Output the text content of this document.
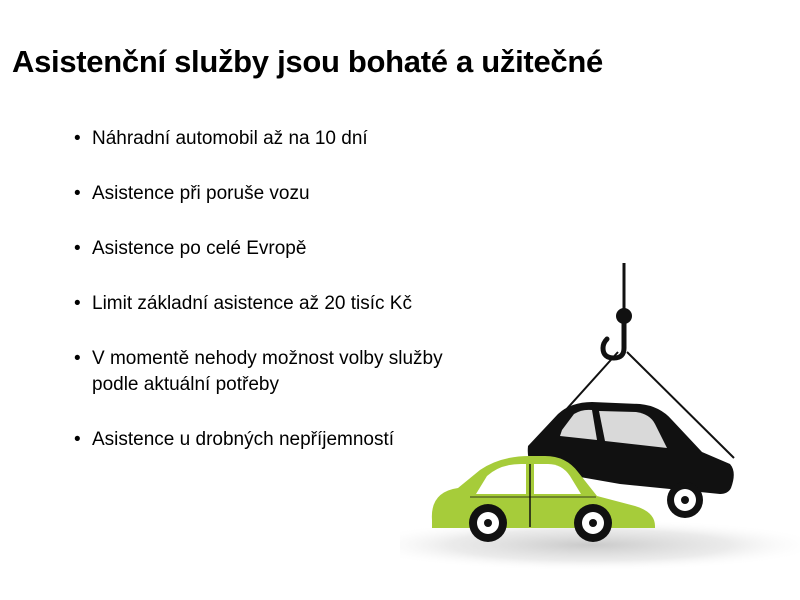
Asistenční služby jsou bohaté a užitečné
• Náhradní automobil až na 10 dní
• Asistence při poruše vozu
• Asistence po celé Evropě
• Limit základní asistence až 20 tisíc Kč
• V momentě nehody možnost volby služby podle aktuální potřeby
• Asistence u drobných nepříjemností
